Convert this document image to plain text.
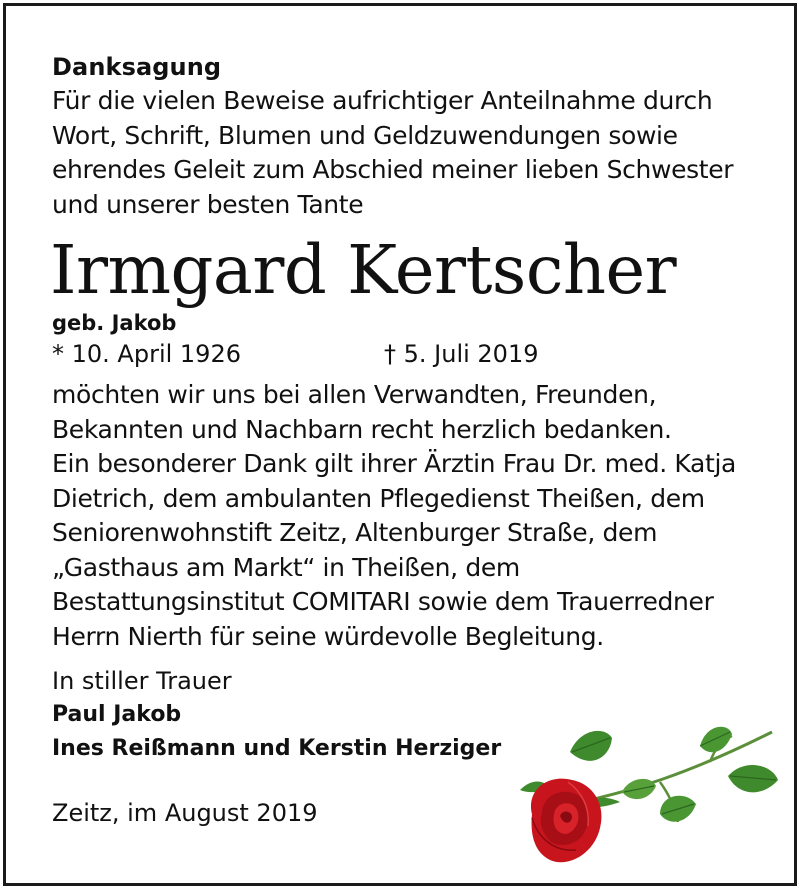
Danksagung
Für die vielen Beweise aufrichtiger Anteilnahme durch
Wort, Schrift, Blumen und Geldzuwendungen sowie
ehrendes Geleit zum Abschied meiner lieben Schwester
und unserer besten Tante
Irmgard Kertscher
geb. Jakob
* 10. April 1926	† 5. Juli 2019
möchten wir uns bei allen Verwandten, Freunden,
Bekannten und Nachbarn recht herzlich bedanken.
Ein besonderer Dank gilt ihrer Ärztin Frau Dr. med. Katja
Dietrich, dem ambulanten Pflegedienst Theißen, dem
Seniorenwohnstift Zeitz, Altenburger Straße, dem
„Gasthaus am Markt“ in Theißen, dem
Bestattungsinstitut COMITARI sowie dem Trauerredner
Herrn Nierth für seine würdevolle Begleitung.
In stiller Trauer
Paul Jakob
Ines Reißmann und Kerstin Herziger
Zeitz, im August 2019
